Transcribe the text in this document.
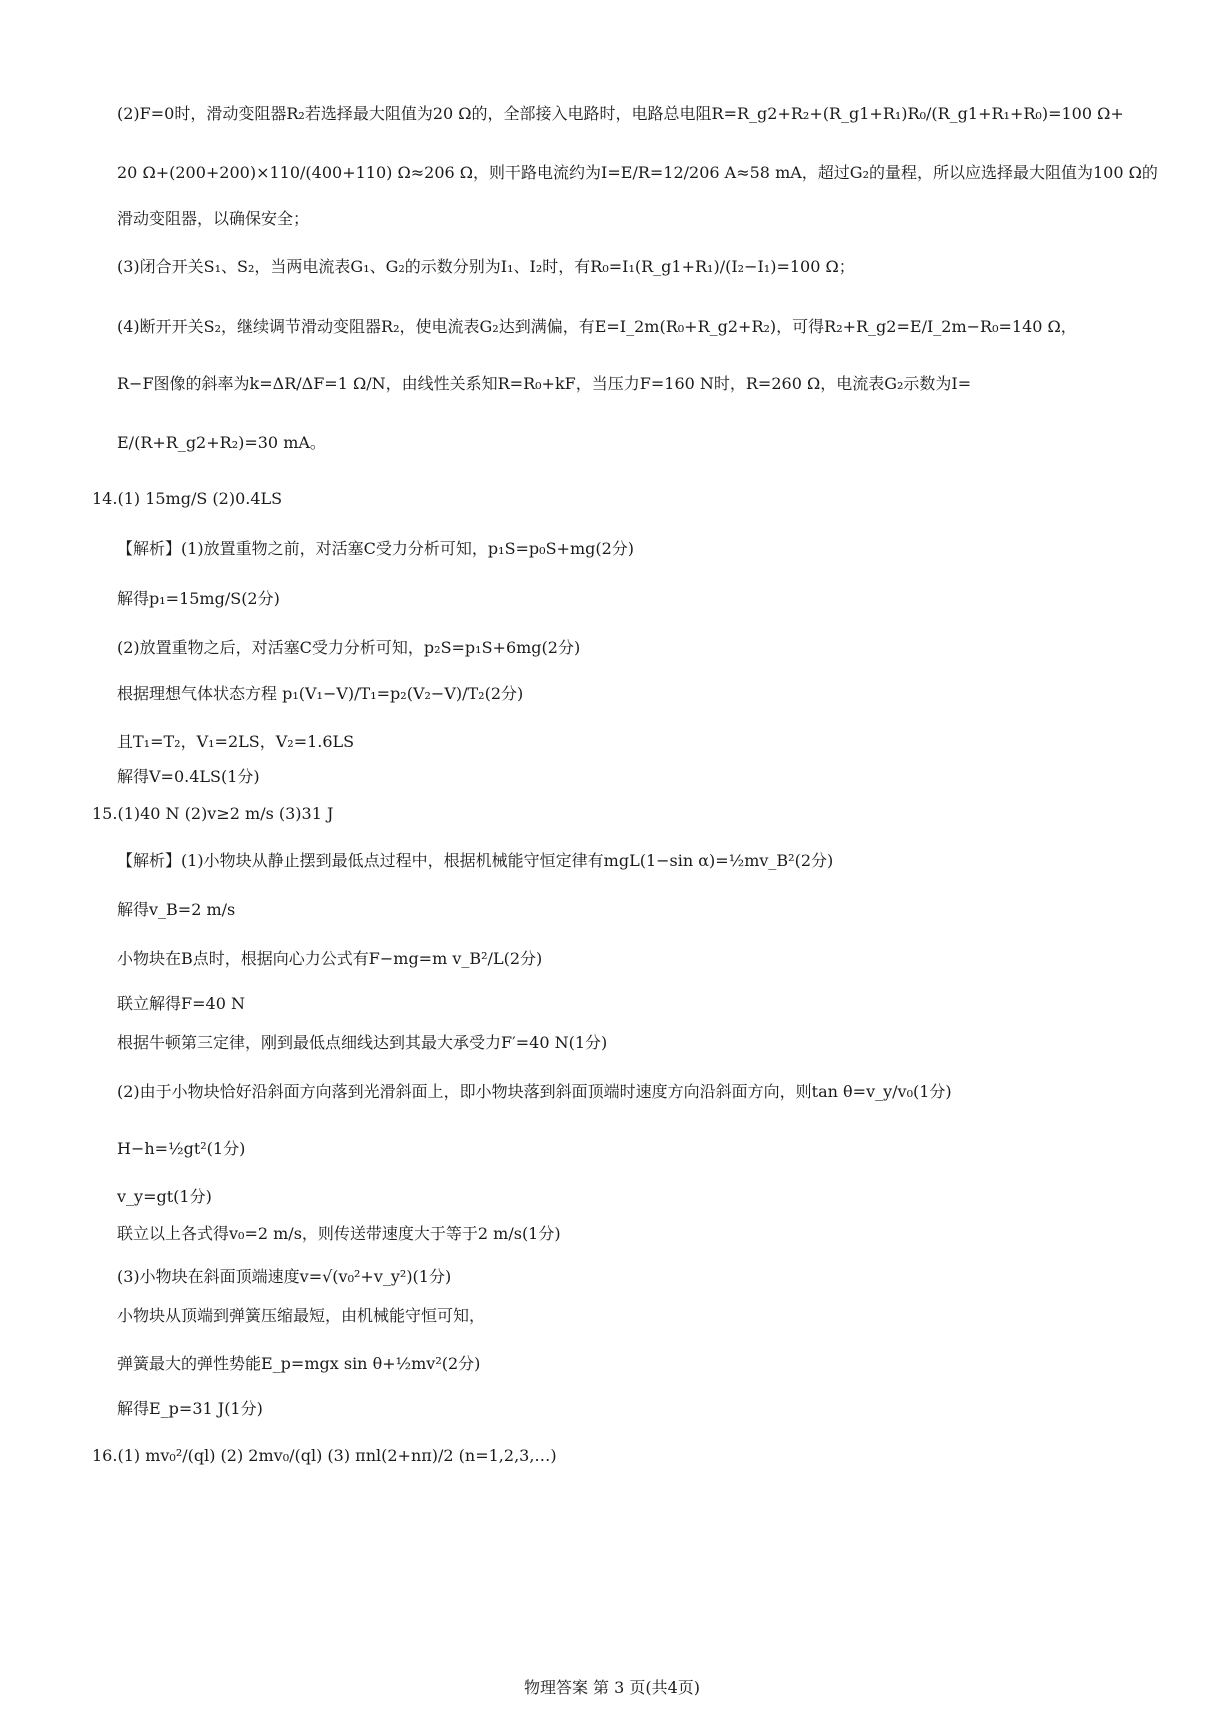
(2)F=0时，滑动变阻器R₂若选择最大阻值为20 Ω的，全部接入电路时，电路总电阻R=R_g2+R₂+(R_g1+R₁)R₀/(R_g1+R₁+R₀)=100 Ω+
20 Ω+(200+200)×110/(400+110) Ω≈206 Ω，则干路电流约为I=E/R=12/206 A≈58 mA，超过G₂的量程，所以应选择最大阻值为100 Ω的
滑动变阻器，以确保安全；
(3)闭合开关S₁、S₂，当两电流表G₁、G₂的示数分别为I₁、I₂时，有R₀=I₁(R_g1+R₁)/(I₂−I₁)=100 Ω；
(4)断开开关S₂，继续调节滑动变阻器R₂，使电流表G₂达到满偏，有E=I_2m(R₀+R_g2+R₂)，可得R₂+R_g2=E/I_2m−R₀=140 Ω，
R−F图像的斜率为k=ΔR/ΔF=1 Ω/N，由线性关系知R=R₀+kF，当压力F=160 N时，R=260 Ω，电流表G₂示数为I=
E/(R+R_g2+R₂)=30 mA。
14.(1) 15mg/S (2)0.4LS
【解析】(1)放置重物之前，对活塞C受力分析可知，p₁S=p₀S+mg(2分)
解得p₁=15mg/S(2分)
(2)放置重物之后，对活塞C受力分析可知，p₂S=p₁S+6mg(2分)
根据理想气体状态方程 p₁(V₁−V)/T₁=p₂(V₂−V)/T₂(2分)
且T₁=T₂，V₁=2LS，V₂=1.6LS
解得V=0.4LS(1分)
15.(1)40 N (2)v≥2 m/s (3)31 J
【解析】(1)小物块从静止摆到最低点过程中，根据机械能守恒定律有mgL(1−sin α)=½mv_B²(2分)
解得v_B=2 m/s
小物块在B点时，根据向心力公式有F−mg=m v_B²/L(2分)
联立解得F=40 N
根据牛顿第三定律，刚到最低点细线达到其最大承受力F′=40 N(1分)
(2)由于小物块恰好沿斜面方向落到光滑斜面上，即小物块落到斜面顶端时速度方向沿斜面方向，则tan θ=v_y/v₀(1分)
H−h=½gt²(1分)
v_y=gt(1分)
联立以上各式得v₀=2 m/s，则传送带速度大于等于2 m/s(1分)
(3)小物块在斜面顶端速度v=√(v₀²+v_y²)(1分)
小物块从顶端到弹簧压缩最短，由机械能守恒可知，
弹簧最大的弹性势能E_p=mgx sin θ+½mv²(2分)
解得E_p=31 J(1分)
16.(1) mv₀²/(ql) (2) 2mv₀/(ql) (3) πnl(2+nπ)/2 (n=1,2,3,…)
物理答案 第 3 页(共4页)
